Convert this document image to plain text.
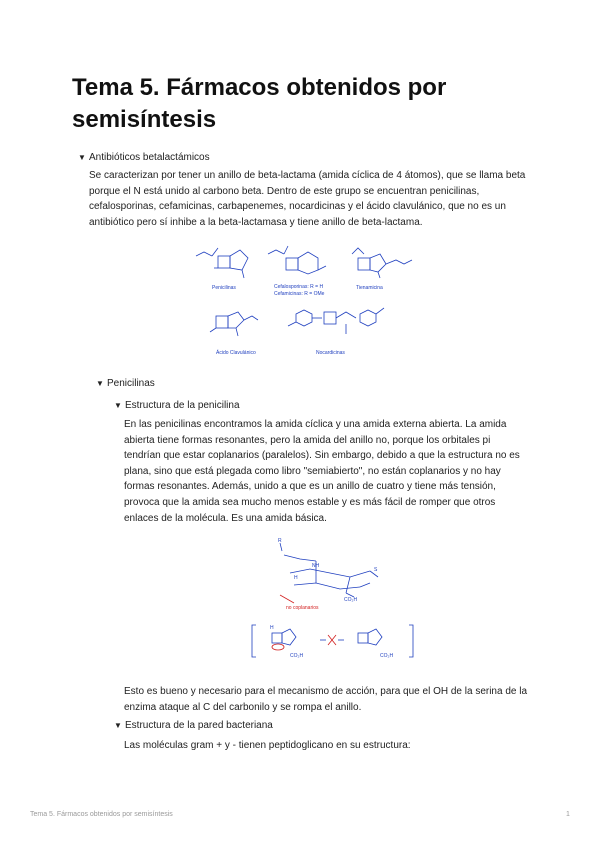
Tema 5. Fármacos obtenidos por semisíntesis
▼ Antibióticos betalactámicos
Se caracterizan por tener un anillo de beta-lactama (amida cíclica de 4 átomos), que se llama beta porque el N está unido al carbono beta. Dentro de este grupo se encuentran penicilinas, cefalosporinas, cefamicinas, carbapenemes, nocardicinas y el ácido clavulánico, que no es un antibiótico pero sí inhibe a la beta-lactamasa y tiene anillo de beta-lactama.
Penicilinas	Cefalosporinas: R = H
Cefamicinas: R = OMe
Tienamicina
Ácido Clavulánico	Nocardicinas
▼ Penicilinas
▼ Estructura de la penicilina
En las penicilinas encontramos la amida cíclica y una amida externa abierta. La amida abierta tiene formas resonantes, pero la amida del anillo no, porque los orbitales pi tendrían que estar coplanarios (paralelos). Sin embargo, debido a que la estructura no es plana, sino que está plegada como libro "semiabierto", no están coplanarios y no hay formas resonantes. Además, unido a que es un anillo de cuatro y tiene más tensión, provoca que la amida sea mucho menos estable y es más fácil de romper que otros enlaces de la molécula. Es una amida básica.
R
NH
H
S
CO₂H
H
CO₂H	CO₂H
no coplanarios
Esto es bueno y necesario para el mecanismo de acción, para que el OH de la serina de la enzima ataque al C del carbonilo y se rompa el anillo.
▼ Estructura de la pared bacteriana
Las moléculas gram + y - tienen peptidoglicano en su estructura:
Tema 5. Fármacos obtenidos por semisíntesis	1
